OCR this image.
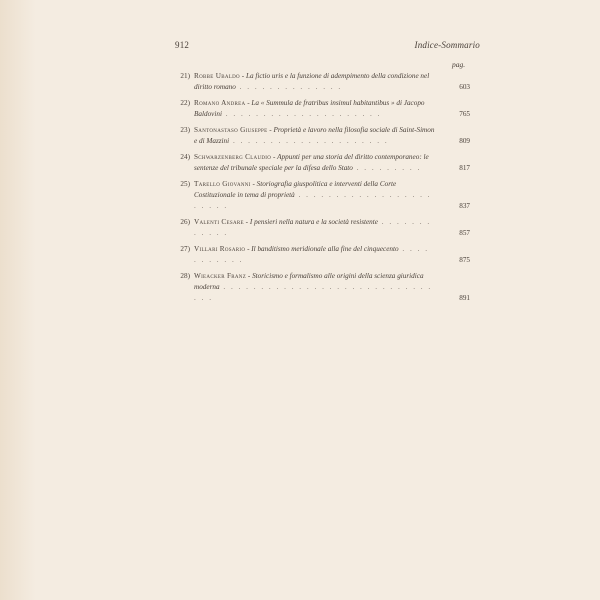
912	Indice-Sommario
pag.
21) Robbe Ubaldo - La fictio uris e la funzione di adempimento della condizione nel diritto romano . . . . . . . . . . . . . .	603
22) Romano Andrea - La « Summula de fratribus insimul habitantibus » di Jacopo Baldovini . . . . . . . . . . . . . . . . . . . . .	765
23) Santonastaso Giuseppe - Proprietà e lavoro nella filosofia sociale di Saint-Simon e di Mazzini . . . . . . . . . . . . . . . . . . . . .	809
24) Schwarzenberg Claudio - Appunti per una storia del diritto contemporaneo: le sentenze del tribunale speciale per la difesa dello Stato . . . . . . . . .	817
25) Tarello Giovanni - Storiografia giuspolitica e interventi della Corte Costituzionale in tema di proprietà . . . . . . . . . . . . . . . . . . . . . . .	837
26) Valenti Cesare - I pensieri nella natura e la società resistente . . . . . . . . . . . .	857
27) Villari Rosario - Il banditismo meridionale alla fine del cinquecento . . . . . . . . . . .	875
28) Wieacker Franz - Storicismo e formalismo alle origini della scienza giuridica moderna . . . . . . . . . . . . . . . . . . . . . . . . . . . . . . .	891
